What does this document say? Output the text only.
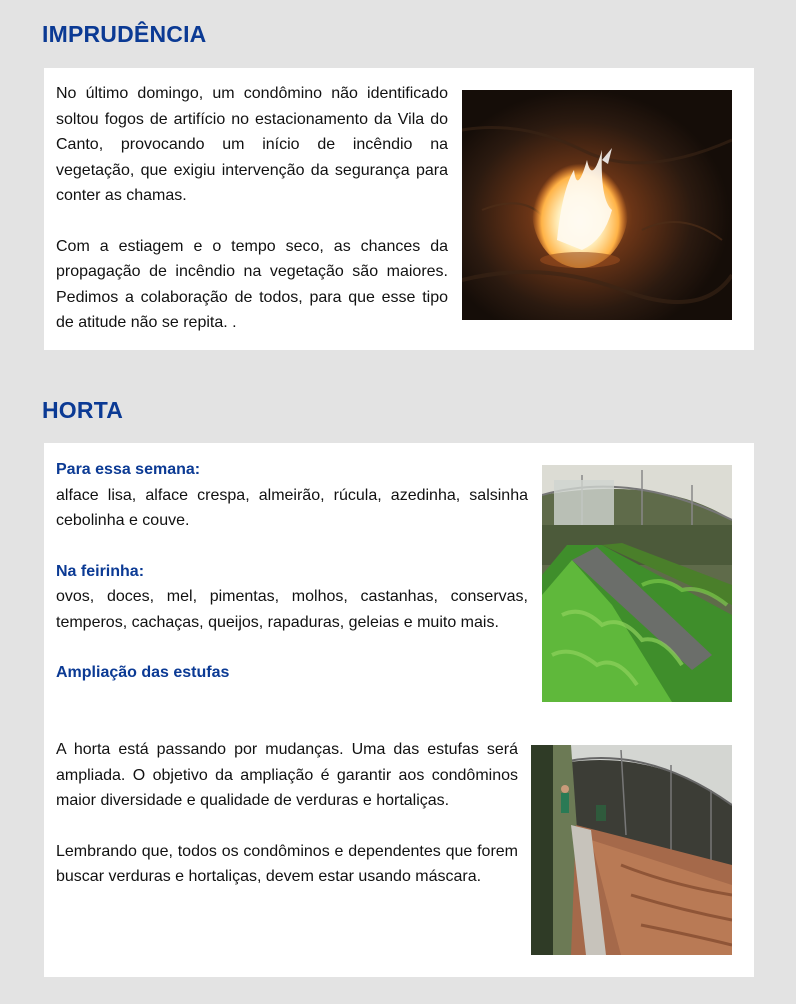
IMPRUDÊNCIA

No último domingo, um condômino não identificado soltou fogos de artifício no estacionamento da Vila do Canto, provocando um início de incêndio na vegetação, que exigiu intervenção da segurança para conter as chamas.

Com a estiagem e o tempo seco, as chances da propagação de incêndio na vegetação são maiores. Pedimos a colaboração de todos, para que esse tipo de atitude não se repita. .

HORTA

Para essa semana:

alface lisa, alface crespa, almeirão, rúcula, azedinha, salsinha cebolinha e couve.

Na feirinha:

ovos, doces, mel, pimentas, molhos, castanhas, conservas, temperos, cachaças, queijos, rapaduras, geleias e muito mais.

Ampliação das estufas

A horta está passando por mudanças. Uma das estufas será ampliada. O objetivo da ampliação é garantir aos condôminos maior diversidade e qualidade de verduras e hortaliças.

Lembrando que, todos os condôminos e dependentes que forem buscar verduras e hortaliças, devem estar usando máscara.
